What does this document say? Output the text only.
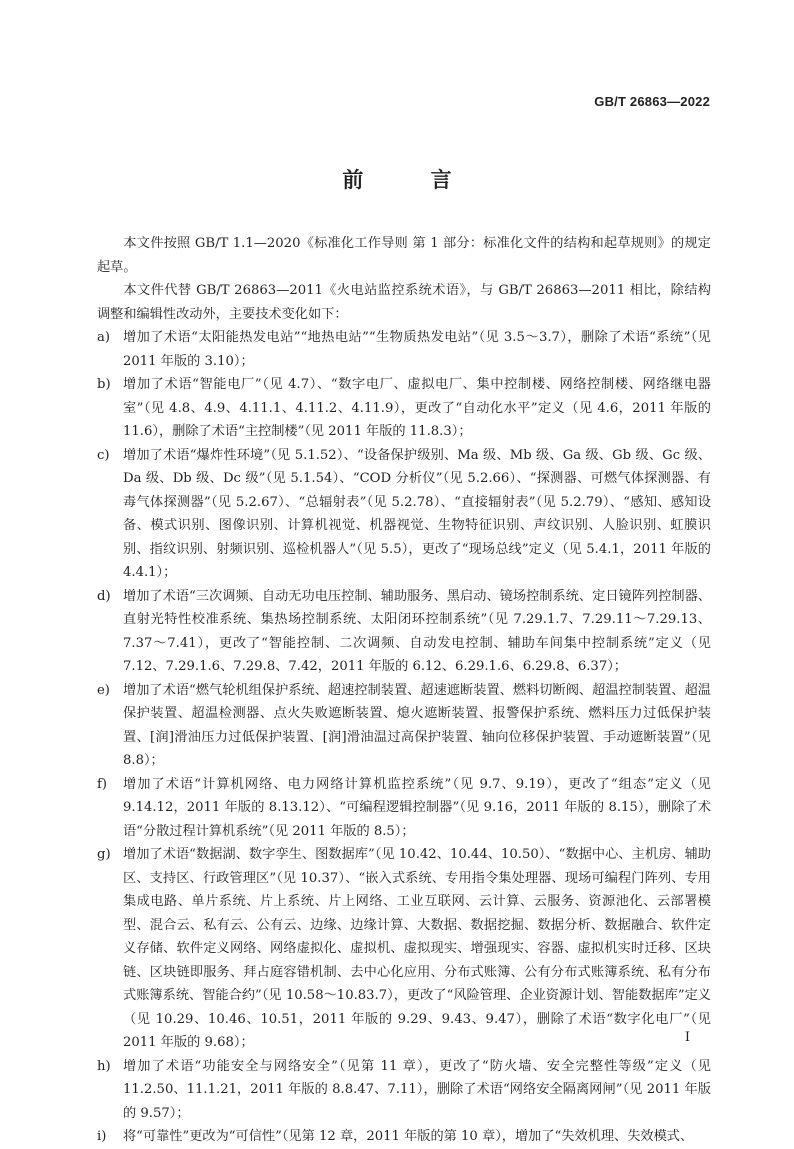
GB/T 26863—2022
前 言

本文件按照 GB/T 1.1—2020《标准化工作导则 第 1 部分：标准化文件的结构和起草规则》的规定起草。

本文件代替 GB/T 26863—2011《火电站监控系统术语》，与 GB/T 26863—2011 相比，除结构调整和编辑性改动外，主要技术变化如下：

a) 增加了术语“太阳能热发电站”“地热电站”“生物质热发电站”（见 3.5～3.7），删除了术语“系统”（见 2011 年版的 3.10）；
b) 增加了术语“智能电厂”（见 4.7）、“数字电厂、虚拟电厂、集中控制楼、网络控制楼、网络继电器室”（见 4.8、4.9、4.11.1、4.11.2、4.11.9），更改了“自动化水平”定义（见 4.6，2011 年版的 11.6），删除了术语“主控制楼”（见 2011 年版的 11.8.3）；
c)	增加了术语“爆炸性环境”（见 5.1.52）、“设备保护级别、Ma 级、Mb 级、Ga 级、Gb 级、Gc 级、Da 级、Db 级、Dc 级”（见 5.1.54）、“COD 分析仪”（见 5.2.66）、“探测器、可燃气体探测器、有毒气体探测器”（见 5.2.67）、“总辐射表”（见 5.2.78）、“直接辐射表”（见 5.2.79）、“感知、感知设备、模式识别、图像识别、计算机视觉、机器视觉、生物特征识别、声纹识别、人脸识别、虹膜识别、指纹识别、射频识别、巡检机器人”（见 5.5），更改了“现场总线”定义（见 5.4.1，2011 年版的 4.4.1）；
d) 增加了术语“三次调频、自动无功电压控制、辅助服务、黑启动、镜场控制系统、定日镜阵列控制器、直射光特性校准系统、集热场控制系统、太阳闭环控制系统”（见 7.29.1.7、7.29.11～7.29.13、7.37～7.41），更改了“智能控制、二次调频、自动发电控制、辅助车间集中控制系统”定义（见 7.12、7.29.1.6、7.29.8、7.42，2011 年版的 6.12、6.29.1.6、6.29.8、6.37）；
e) 增加了术语“燃气轮机组保护系统、超速控制装置、超速遮断装置、燃料切断阀、超温控制装置、超温保护装置、超温检测器、点火失败遮断装置、熄火遮断装置、报警保护系统、燃料压力过低保护装置、[润]滑油压力过低保护装置、[润]滑油温过高保护装置、轴向位移保护装置、手动遮断装置”（见 8.8）；
f)	增加了术语“计算机网络、电力网络计算机监控系统”（见 9.7、9.19），更改了“组态”定义（见 9.14.12，2011 年版的 8.13.12）、“可编程逻辑控制器”（见 9.16，2011 年版的 8.15），删除了术语“分散过程计算机系统”（见 2011 年版的 8.5）；
g) 增加了术语“数据湖、数字孪生、图数据库”（见 10.42、10.44、10.50）、“数据中心、主机房、辅助区、支持区、行政管理区”（见 10.37）、“嵌入式系统、专用指令集处理器、现场可编程门阵列、专用集成电路、单片系统、片上系统、片上网络、工业互联网、云计算、云服务、资源池化、云部署模型、混合云、私有云、公有云、边缘、边缘计算、大数据、数据挖掘、数据分析、数据融合、软件定义存储、软件定义网络、网络虚拟化、虚拟机、虚拟现实、增强现实、容器、虚拟机实时迁移、区块链、区块链即服务、拜占庭容错机制、去中心化应用、分布式账簿、公有分布式账簿系统、私有分布式账簿系统、智能合约”（见 10.58～10.83.7），更改了“风险管理、企业资源计划、智能数据库”定义（见 10.29、10.46、10.51，2011 年版的 9.29、9.43、9.47），删除了术语“数字化电厂”（见 2011 年版的 9.68）；
h) 增加了术语“功能安全与网络安全”（见第 11 章），更改了“防火墙、安全完整性等级”定义（见 11.2.50、11.1.21，2011 年版的 8.8.47、7.11），删除了术语“网络安全隔离网闸”（见 2011 年版的 9.57）；
i)	将“可靠性”更改为“可信性”（见第 12 章，2011 年版的第 10 章），增加了“失效机理、失效模式、
I
